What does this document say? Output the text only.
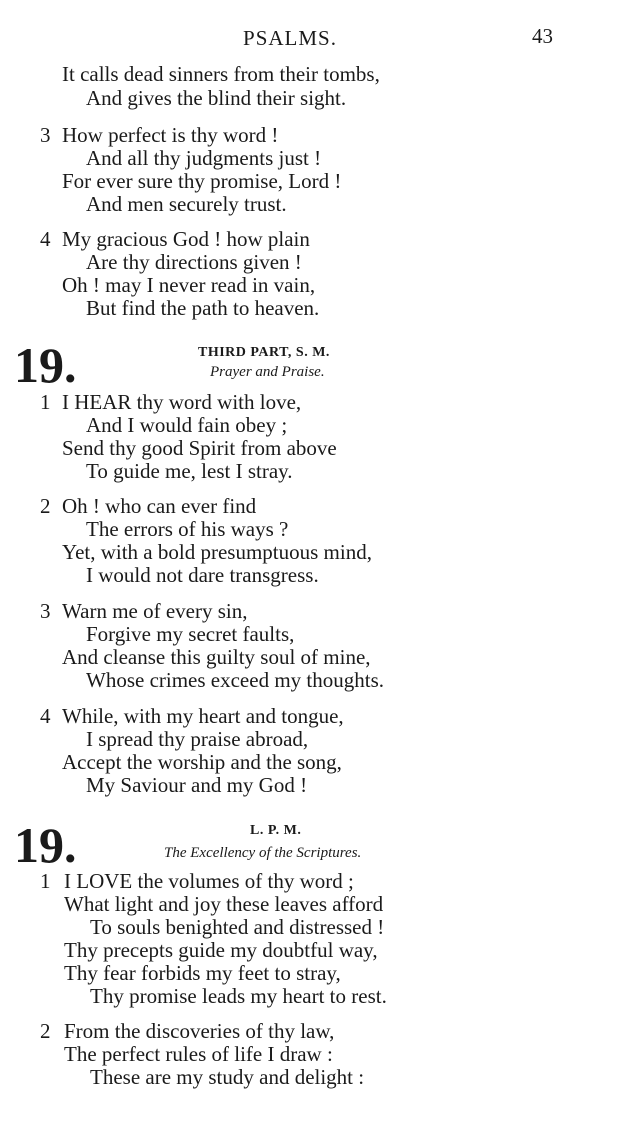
PSALMS.	43
It calls dead sinners from their tombs,
And gives the blind their sight.
3 How perfect is thy word !
And all thy judgments just !
For ever sure thy promise, Lord !
And men securely trust.
4 My gracious God ! how plain
Are thy directions given !
Oh ! may I never read in vain,
But find the path to heaven.
19.	THIRD PART, S. M.
Prayer and Praise.
1 I HEAR thy word with love,
And I would fain obey ;
Send thy good Spirit from above
To guide me, lest I stray.
2 Oh ! who can ever find
The errors of his ways ?
Yet, with a bold presumptuous mind,
I would not dare transgress.
3 Warn me of every sin,
Forgive my secret faults,
And cleanse this guilty soul of mine,
Whose crimes exceed my thoughts.
4 While, with my heart and tongue,
I spread thy praise abroad,
Accept the worship and the song,
My Saviour and my God !
19.	L. P. M.
The Excellency of the Scriptures.
1 I LOVE the volumes of thy word ;
What light and joy these leaves afford
To souls benighted and distressed !
Thy precepts guide my doubtful way,
Thy fear forbids my feet to stray,
Thy promise leads my heart to rest.
2 From the discoveries of thy law,
The perfect rules of life I draw :
These are my study and delight :
